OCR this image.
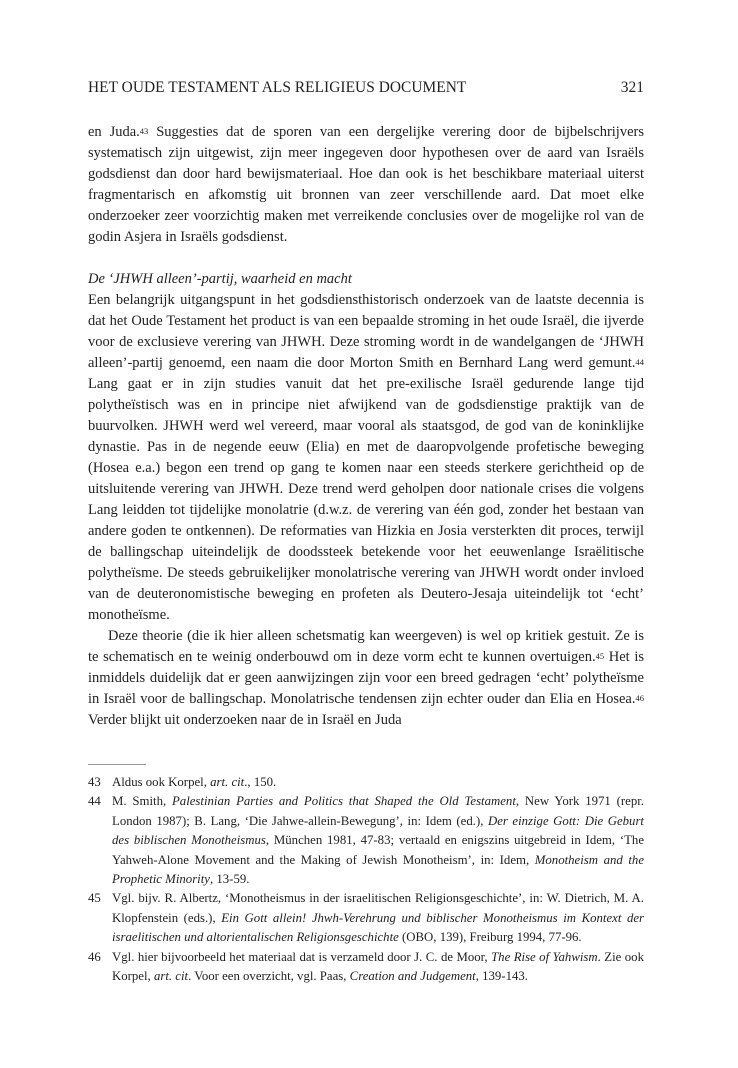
HET OUDE TESTAMENT ALS RELIGIEUS DOCUMENT	321

en Juda.$^{43}$ Suggesties dat de sporen van een dergelijke verering door de bijbelschrijvers systematisch zijn uitgewist, zijn meer ingegeven door hypothesen over de aard van Israëls godsdienst dan door hard bewijsmateriaal. Hoe dan ook is het beschikbare materiaal uiterst fragmentarisch en afkomstig uit bronnen van zeer verschillende aard. Dat moet elke onderzoeker zeer voorzichtig maken met verreikende conclusies over de mogelijke rol van de godin Asjera in Israëls godsdienst.

De ‘JHWH alleen’-partij, waarheid en macht
Een belangrijk uitgangspunt in het godsdiensthistorisch onderzoek van de laatste decennia is dat het Oude Testament het product is van een bepaalde stroming in het oude Israël, die ijverde voor de exclusieve verering van JHWH. Deze stroming wordt in de wandelgangen de ‘JHWH alleen’-partij genoemd, een naam die door Morton Smith en Bernhard Lang werd gemunt.$^{44}$ Lang gaat er in zijn studies vanuit dat het pre-exilische Israël gedurende lange tijd polytheïstisch was en in principe niet afwijkend van de godsdienstige praktijk van de buurvolken. JHWH werd wel vereerd, maar vooral als staatsgod, de god van de koninklijke dynastie. Pas in de negende eeuw (Elia) en met de daaropvolgende profetische beweging (Hosea e.a.) begon een trend op gang te komen naar een steeds sterkere gerichtheid op de uitsluitende verering van JHWH. Deze trend werd geholpen door nationale crises die volgens Lang leidden tot tijdelijke monolatrie (d.w.z. de verering van één god, zonder het bestaan van andere goden te ontkennen). De reformaties van Hizkia en Josia versterkten dit proces, terwijl de ballingschap uiteindelijk de doodssteek betekende voor het eeuwenlange Israëlitische polytheïsme. De steeds gebruikelijker monolatrische verering van JHWH wordt onder invloed van de deuteronomistische beweging en profeten als Deutero-Jesaja uiteindelijk tot ‘echt’ monotheïsme.

Deze theorie (die ik hier alleen schetsmatig kan weergeven) is wel op kritiek gestuit. Ze is te schematisch en te weinig onderbouwd om in deze vorm echt te kunnen overtuigen.$^{45}$ Het is inmiddels duidelijk dat er geen aanwijzingen zijn voor een breed gedragen ‘echt’ polytheïsme in Israël voor de ballingschap. Monolatrische tendensen zijn echter ouder dan Elia en Hosea.$^{46}$ Verder blijkt uit onderzoeken naar de in Israël en Juda

43 Aldus ook Korpel, art. cit., 150.
44 M. Smith, Palestinian Parties and Politics that Shaped the Old Testament, New York 1971 (repr. London 1987); B. Lang, ‘Die Jahwe-allein-Bewegung’, in: Idem (ed.), Der einzige Gott: Die Geburt des biblischen Monotheismus, München 1981, 47-83; vertaald en enigszins uitgebreid in Idem, ‘The Yahweh-Alone Movement and the Making of Jewish Monotheism’, in: Idem, Monotheism and the Prophetic Minority, 13-59.
45 Vgl. bijv. R. Albertz, ‘Monotheismus in der israelitischen Religionsgeschichte’, in: W. Dietrich, M. A. Klopfenstein (eds.), Ein Gott allein! Jhwh-Verehrung und biblischer Monotheismus im Kontext der israelitischen und altorientalischen Religionsgeschichte (OBO, 139), Freiburg 1994, 77-96.
46 Vgl. hier bijvoorbeeld het materiaal dat is verzameld door J. C. de Moor, The Rise of Yahwism. Zie ook Korpel, art. cit. Voor een overzicht, vgl. Paas, Creation and Judgement, 139-143.
